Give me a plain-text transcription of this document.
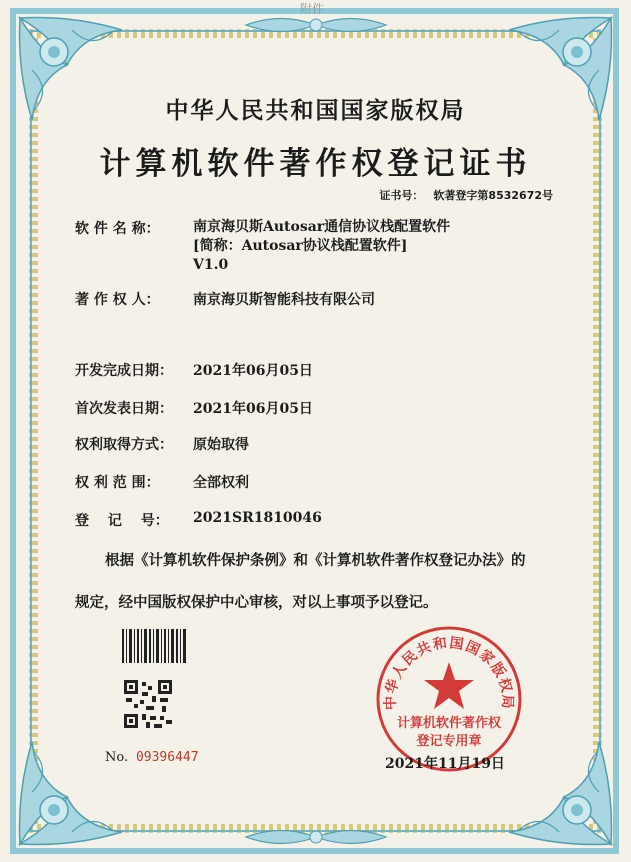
附件
中华人民共和国国家版权局
计算机软件著作权登记证书
证书号： 软著登字第8532672号
软 件 名 称： 南京海贝斯Autosar通信协议栈配置软件
[简称：Autosar协议栈配置软件]
V1.0
著 作 权 人： 南京海贝斯智能科技有限公司
开发完成日期： 2021年06月05日
首次发表日期： 2021年06月05日
权利取得方式： 原始取得
权 利 范 围： 全部权利
登　 记　 号： 2021SR1810046
根据《计算机软件保护条例》和《计算机软件著作权登记办法》的
规定，经中国版权保护中心审核，对以上事项予以登记。
No. 09396447
中华人民共和国国家版权局
计算机软件著作权
登记专用章
2021年11月19日
